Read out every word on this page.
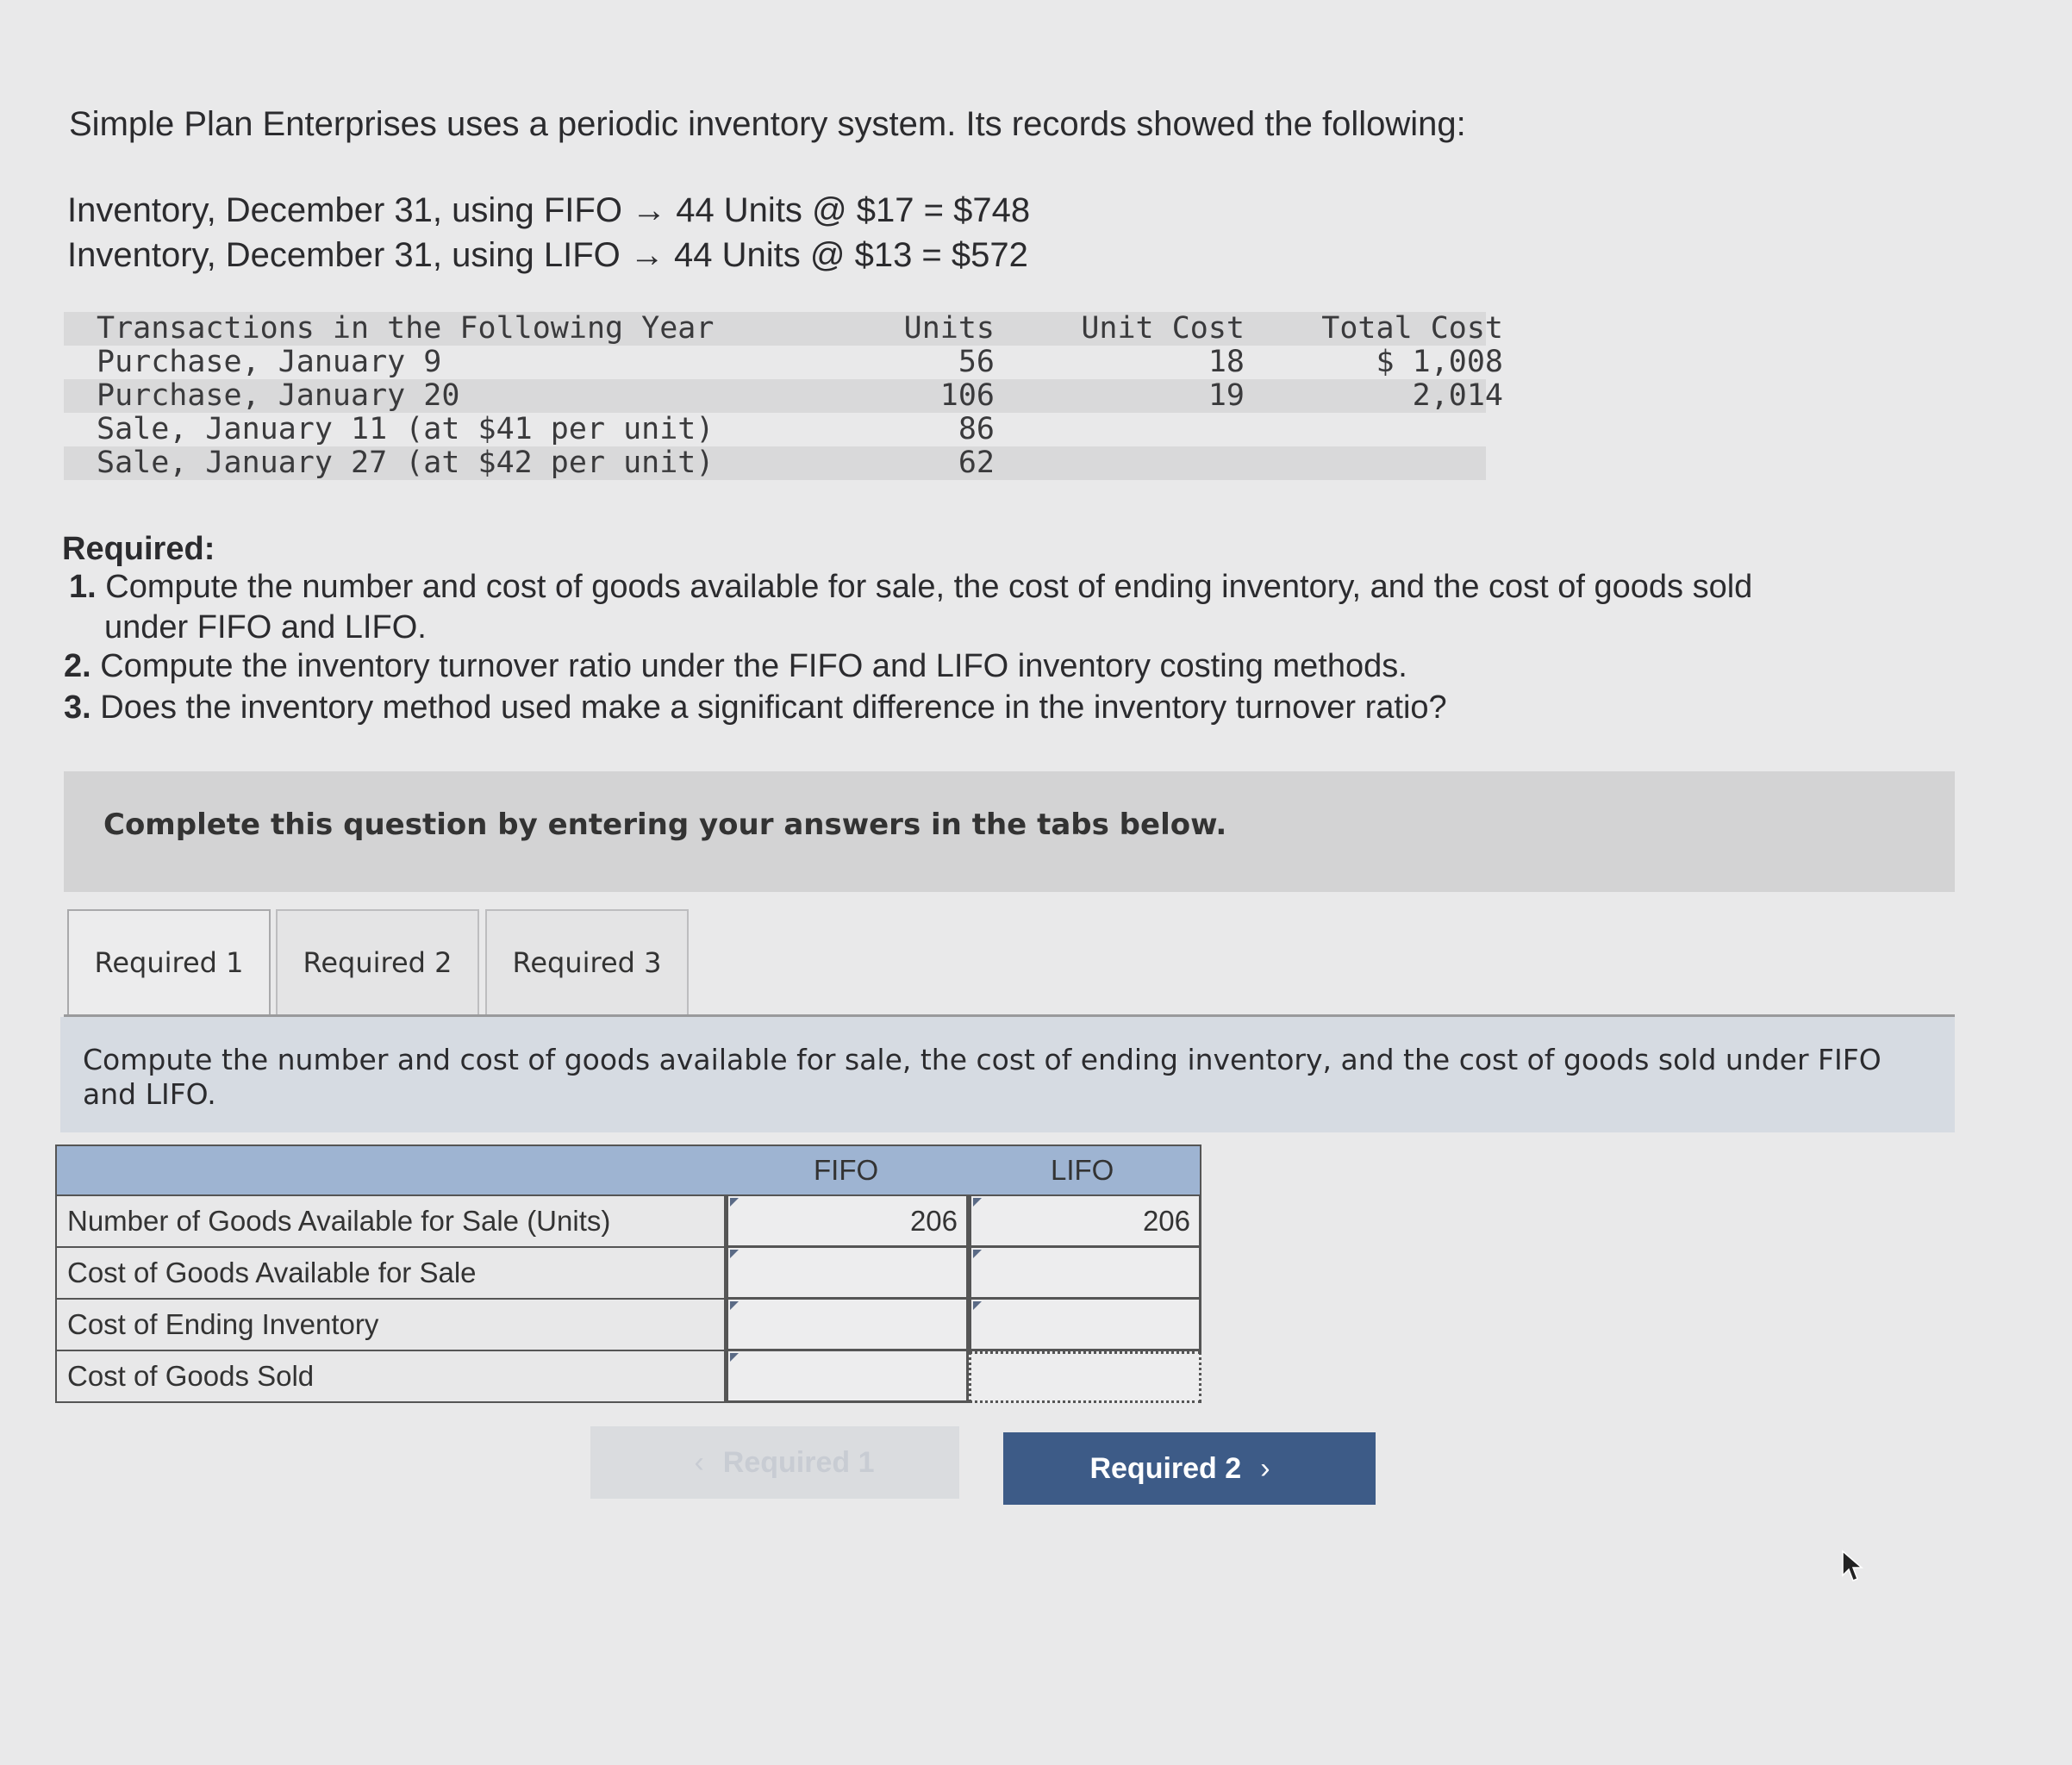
Simple Plan Enterprises uses a periodic inventory system. Its records showed the following:
Inventory, December 31, using FIFO → 44 Units @ $17 = $748
Inventory, December 31, using LIFO → 44 Units @ $13 = $572
Transactions in the Following Year	Units	Unit Cost	Total Cost
Purchase, January 9	56	18	$ 1,008
Purchase, January 20	106	19	2,014
Sale, January 11 (at $41 per unit)	86
Sale, January 27 (at $42 per unit)	62
Required:
1. Compute the number and cost of goods available for sale, the cost of ending inventory, and the cost of goods sold
under FIFO and LIFO.
2. Compute the inventory turnover ratio under the FIFO and LIFO inventory costing methods.
3. Does the inventory method used make a significant difference in the inventory turnover ratio?
Complete this question by entering your answers in the tabs below.
Required 1	Required 2	Required 3
Compute the number and cost of goods available for sale, the cost of ending inventory, and the cost of goods sold under FIFO and LIFO.
FIFO	LIFO
Number of Goods Available for Sale (Units)	206	206
Cost of Goods Available for Sale
Cost of Ending Inventory
Cost of Goods Sold
‹ Required 1	Required 2 ›
